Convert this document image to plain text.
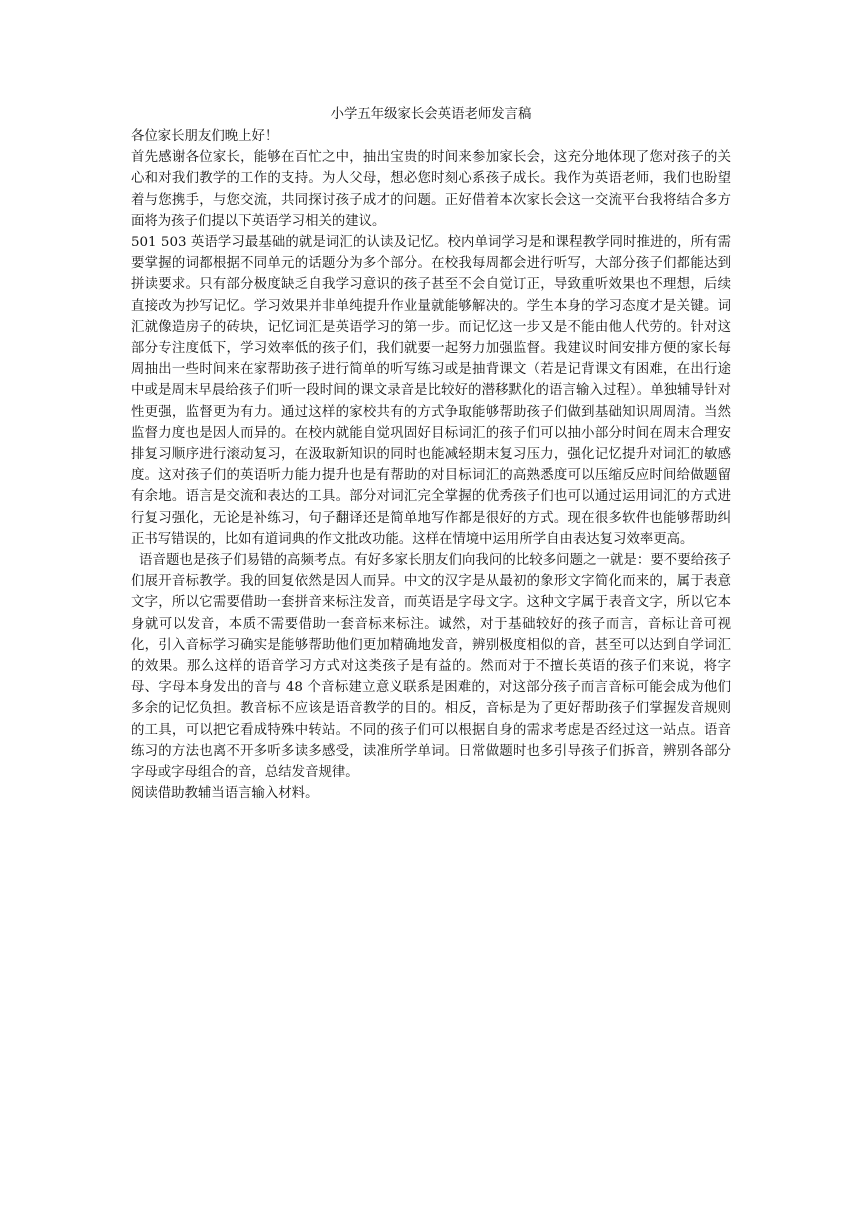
小学五年级家长会英语老师发言稿

各位家长朋友们晚上好！

首先感谢各位家长，能够在百忙之中，抽出宝贵的时间来参加家长会，这充分地体现了您对孩子的关心和对我们教学的工作的支持。为人父母，想必您时刻心系孩子成长。我作为英语老师，我们也盼望着与您携手，与您交流，共同探讨孩子成才的问题。正好借着本次家长会这一交流平台我将结合多方面将为孩子们提以下英语学习相关的建议。

501 503 英语学习最基础的就是词汇的认读及记忆。校内单词学习是和课程教学同时推进的，所有需要掌握的词都根据不同单元的话题分为多个部分。在校我每周都会进行听写，大部分孩子们都能达到拼读要求。只有部分极度缺乏自我学习意识的孩子甚至不会自觉订正，导致重听效果也不理想，后续直接改为抄写记忆。学习效果并非单纯提升作业量就能够解决的。学生本身的学习态度才是关键。词汇就像造房子的砖块，记忆词汇是英语学习的第一步。而记忆这一步又是不能由他人代劳的。针对这部分专注度低下，学习效率低的孩子们，我们就要一起努力加强监督。我建议时间安排方便的家长每周抽出一些时间来在家帮助孩子进行简单的听写练习或是抽背课文（若是记背课文有困难，在出行途中或是周末早晨给孩子们听一段时间的课文录音是比较好的潜移默化的语言输入过程）。单独辅导针对性更强，监督更为有力。通过这样的家校共有的方式争取能够帮助孩子们做到基础知识周周清。当然监督力度也是因人而异的。在校内就能自觉巩固好目标词汇的孩子们可以抽小部分时间在周末合理安排复习顺序进行滚动复习，在汲取新知识的同时也能减轻期末复习压力，强化记忆提升对词汇的敏感度。这对孩子们的英语听力能力提升也是有帮助的对目标词汇的高熟悉度可以压缩反应时间给做题留有余地。语言是交流和表达的工具。部分对词汇完全掌握的优秀孩子们也可以通过运用词汇的方式进行复习强化，无论是补练习，句子翻译还是简单地写作都是很好的方式。现在很多软件也能够帮助纠正书写错误的，比如有道词典的作文批改功能。这样在情境中运用所学自由表达复习效率更高。

语音题也是孩子们易错的高频考点。有好多家长朋友们向我问的比较多问题之一就是：要不要给孩子们展开音标教学。我的回复依然是因人而异。中文的汉字是从最初的象形文字简化而来的，属于表意文字，所以它需要借助一套拼音来标注发音，而英语是字母文字。这种文字属于表音文字，所以它本身就可以发音，本质不需要借助一套音标来标注。诚然，对于基础较好的孩子而言，音标让音可视化，引入音标学习确实是能够帮助他们更加精确地发音，辨别极度相似的音，甚至可以达到自学词汇的效果。那么这样的语音学习方式对这类孩子是有益的。然而对于不擅长英语的孩子们来说，将字母、字母本身发出的音与 48 个音标建立意义联系是困难的，对这部分孩子而言音标可能会成为他们多余的记忆负担。教音标不应该是语音教学的目的。相反，音标是为了更好帮助孩子们掌握发音规则的工具，可以把它看成特殊中转站。不同的孩子们可以根据自身的需求考虑是否经过这一站点。语音练习的方法也离不开多听多读多感受，读准所学单词。日常做题时也多引导孩子们拆音，辨别各部分字母或字母组合的音，总结发音规律。

阅读借助教辅当语言输入材料。
